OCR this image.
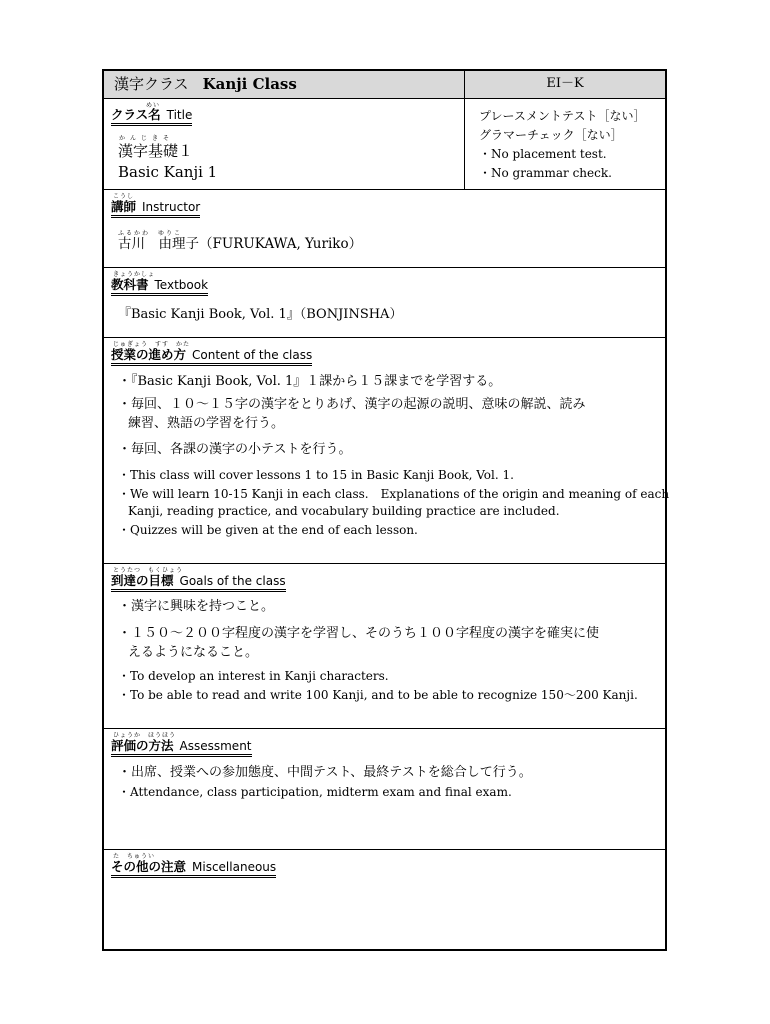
漢字クラス Kanji Class	EI－K
めい
クラス名 Title
かんじきそ
漢字基礎１
Basic Kanji 1
プレースメントテスト［ない］
グラマーチェック［ない］
・No placement test.
・No grammar check.
こうし
講師 Instructor
ふるかわ　ゆりこ
古川　由理子（FURUKAWA, Yuriko）
きょうかしょ
教科書 Textbook
『Basic Kanji Book, Vol. 1』（BONJINSHA）
じゅぎょう　すす　かた
授業の進め方 Content of the class
・『Basic Kanji Book, Vol. 1』１課から１５課までを学習する。
・毎回、１０～１５字の漢字をとりあげ、漢字の起源の説明、意味の解説、読み
練習、熟語の学習を行う。
・毎回、各課の漢字の小テストを行う。
・This class will cover lessons 1 to 15 in Basic Kanji Book, Vol. 1.
・We will learn 10-15 Kanji in each class.　Explanations of the origin and meaning of each
Kanji, reading practice, and vocabulary building practice are included.
・Quizzes will be given at the end of each lesson.
とうたつ　もくひょう
到達の目標 Goals of the class
・漢字に興味を持つこと。
・１５０～２００字程度の漢字を学習し、そのうち１００字程度の漢字を確実に使
えるようになること。
・To develop an interest in Kanji characters.
・To be able to read and write 100 Kanji, and to be able to recognize 150～200 Kanji.
ひょうか　ほうほう
評価の方法 Assessment
・出席、授業への参加態度、中間テスト、最終テストを総合して行う。
・Attendance, class participation, midterm exam and final exam.
た　ちゅうい
その他の注意 Miscellaneous
